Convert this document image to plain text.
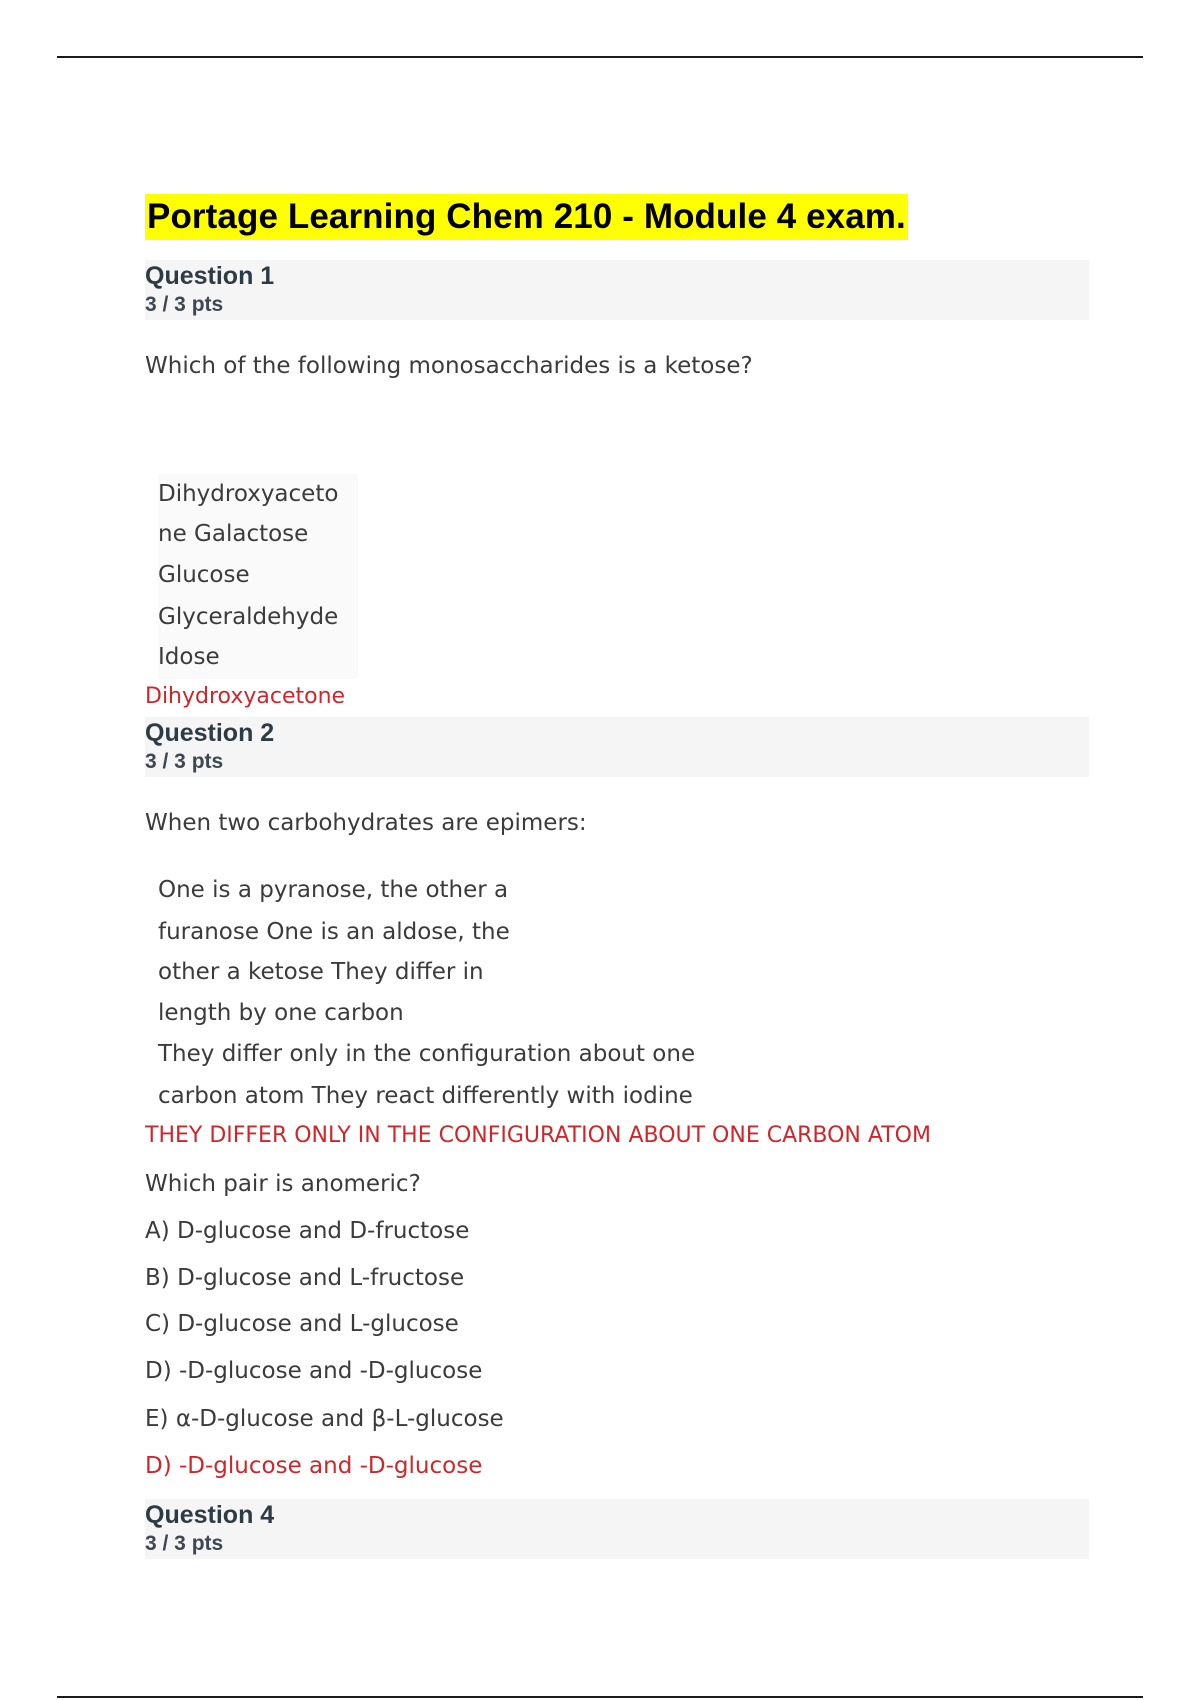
Portage Learning Chem 210 - Module 4 exam.
Question 1
3 / 3 pts
Which of the following monosaccharides is a ketose?
Dihydroxyaceto
ne Galactose
Glucose
Glyceraldehyde
Idose
Dihydroxyacetone
Question 2
3 / 3 pts
When two carbohydrates are epimers:
One is a pyranose, the other a
furanose One is an aldose, the
other a ketose They differ in
length by one carbon
They differ only in the configuration about one
carbon atom They react differently with iodine
THEY DIFFER ONLY IN THE CONFIGURATION ABOUT ONE CARBON ATOM
Which pair is anomeric?
A) D-glucose and D-fructose
B) D-glucose and L-fructose
C) D-glucose and L-glucose
D) -D-glucose and -D-glucose
E) α-D-glucose and β-L-glucose
D) -D-glucose and -D-glucose
Question 4
3 / 3 pts
